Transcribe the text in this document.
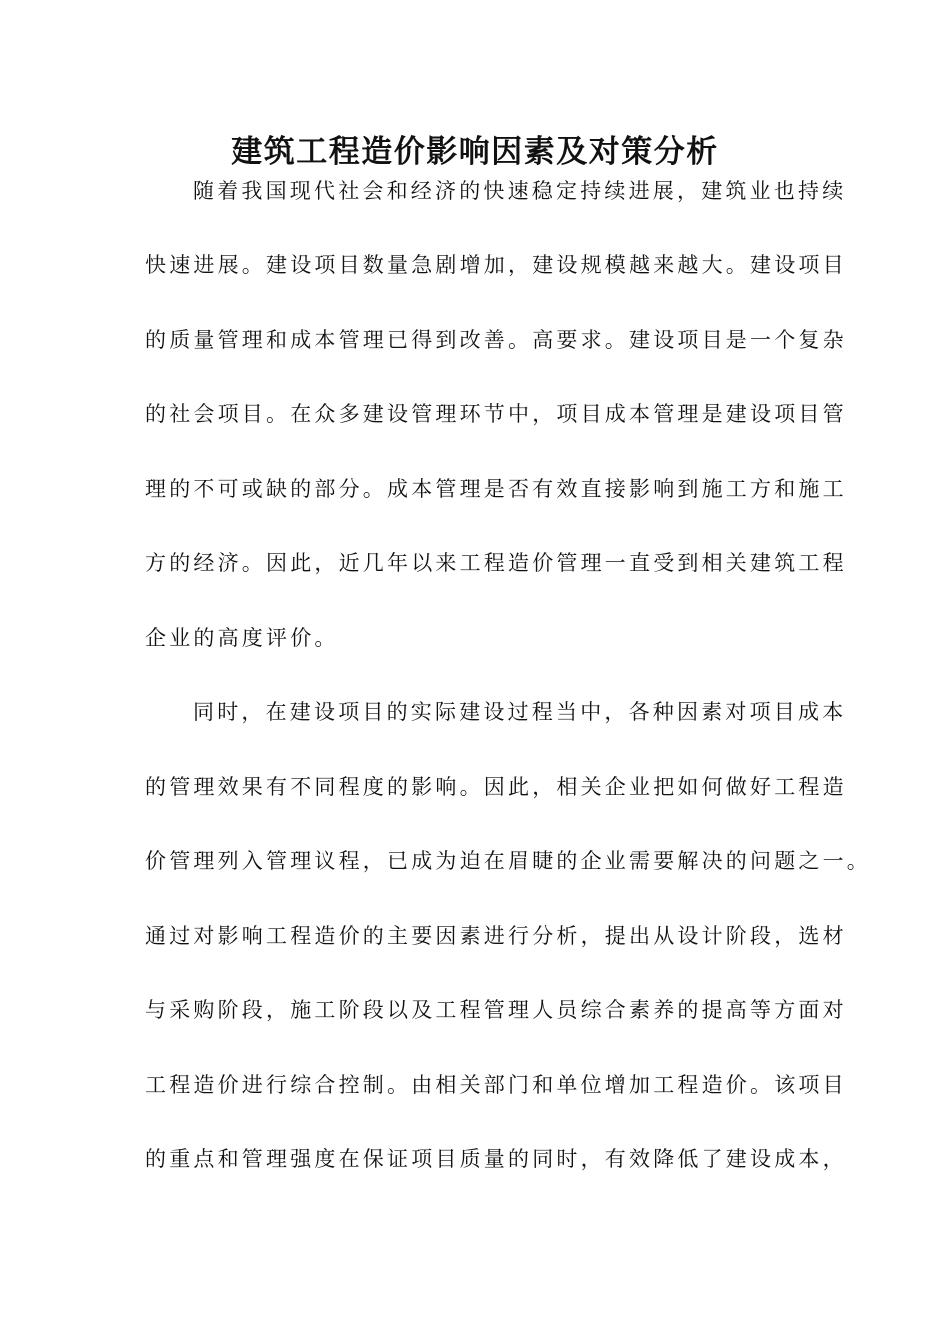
建筑工程造价影响因素及对策分析
随着我国现代社会和经济的快速稳定持续进展，建筑业也持续
快速进展。建设项目数量急剧增加，建设规模越来越大。建设项目
的质量管理和成本管理已得到改善。高要求。建设项目是一个复杂
的社会项目。在众多建设管理环节中，项目成本管理是建设项目管
理的不可或缺的部分。成本管理是否有效直接影响到施工方和施工
方的经济。因此，近几年以来工程造价管理一直受到相关建筑工程
企业的高度评价。
同时，在建设项目的实际建设过程当中，各种因素对项目成本
的管理效果有不同程度的影响。因此，相关企业把如何做好工程造
价管理列入管理议程，已成为迫在眉睫的企业需要解决的问题之一。
通过对影响工程造价的主要因素进行分析，提出从设计阶段，选材
与采购阶段，施工阶段以及工程管理人员综合素养的提高等方面对
工程造价进行综合控制。由相关部门和单位增加工程造价。该项目
的重点和管理强度在保证项目质量的同时，有效降低了建设成本，
